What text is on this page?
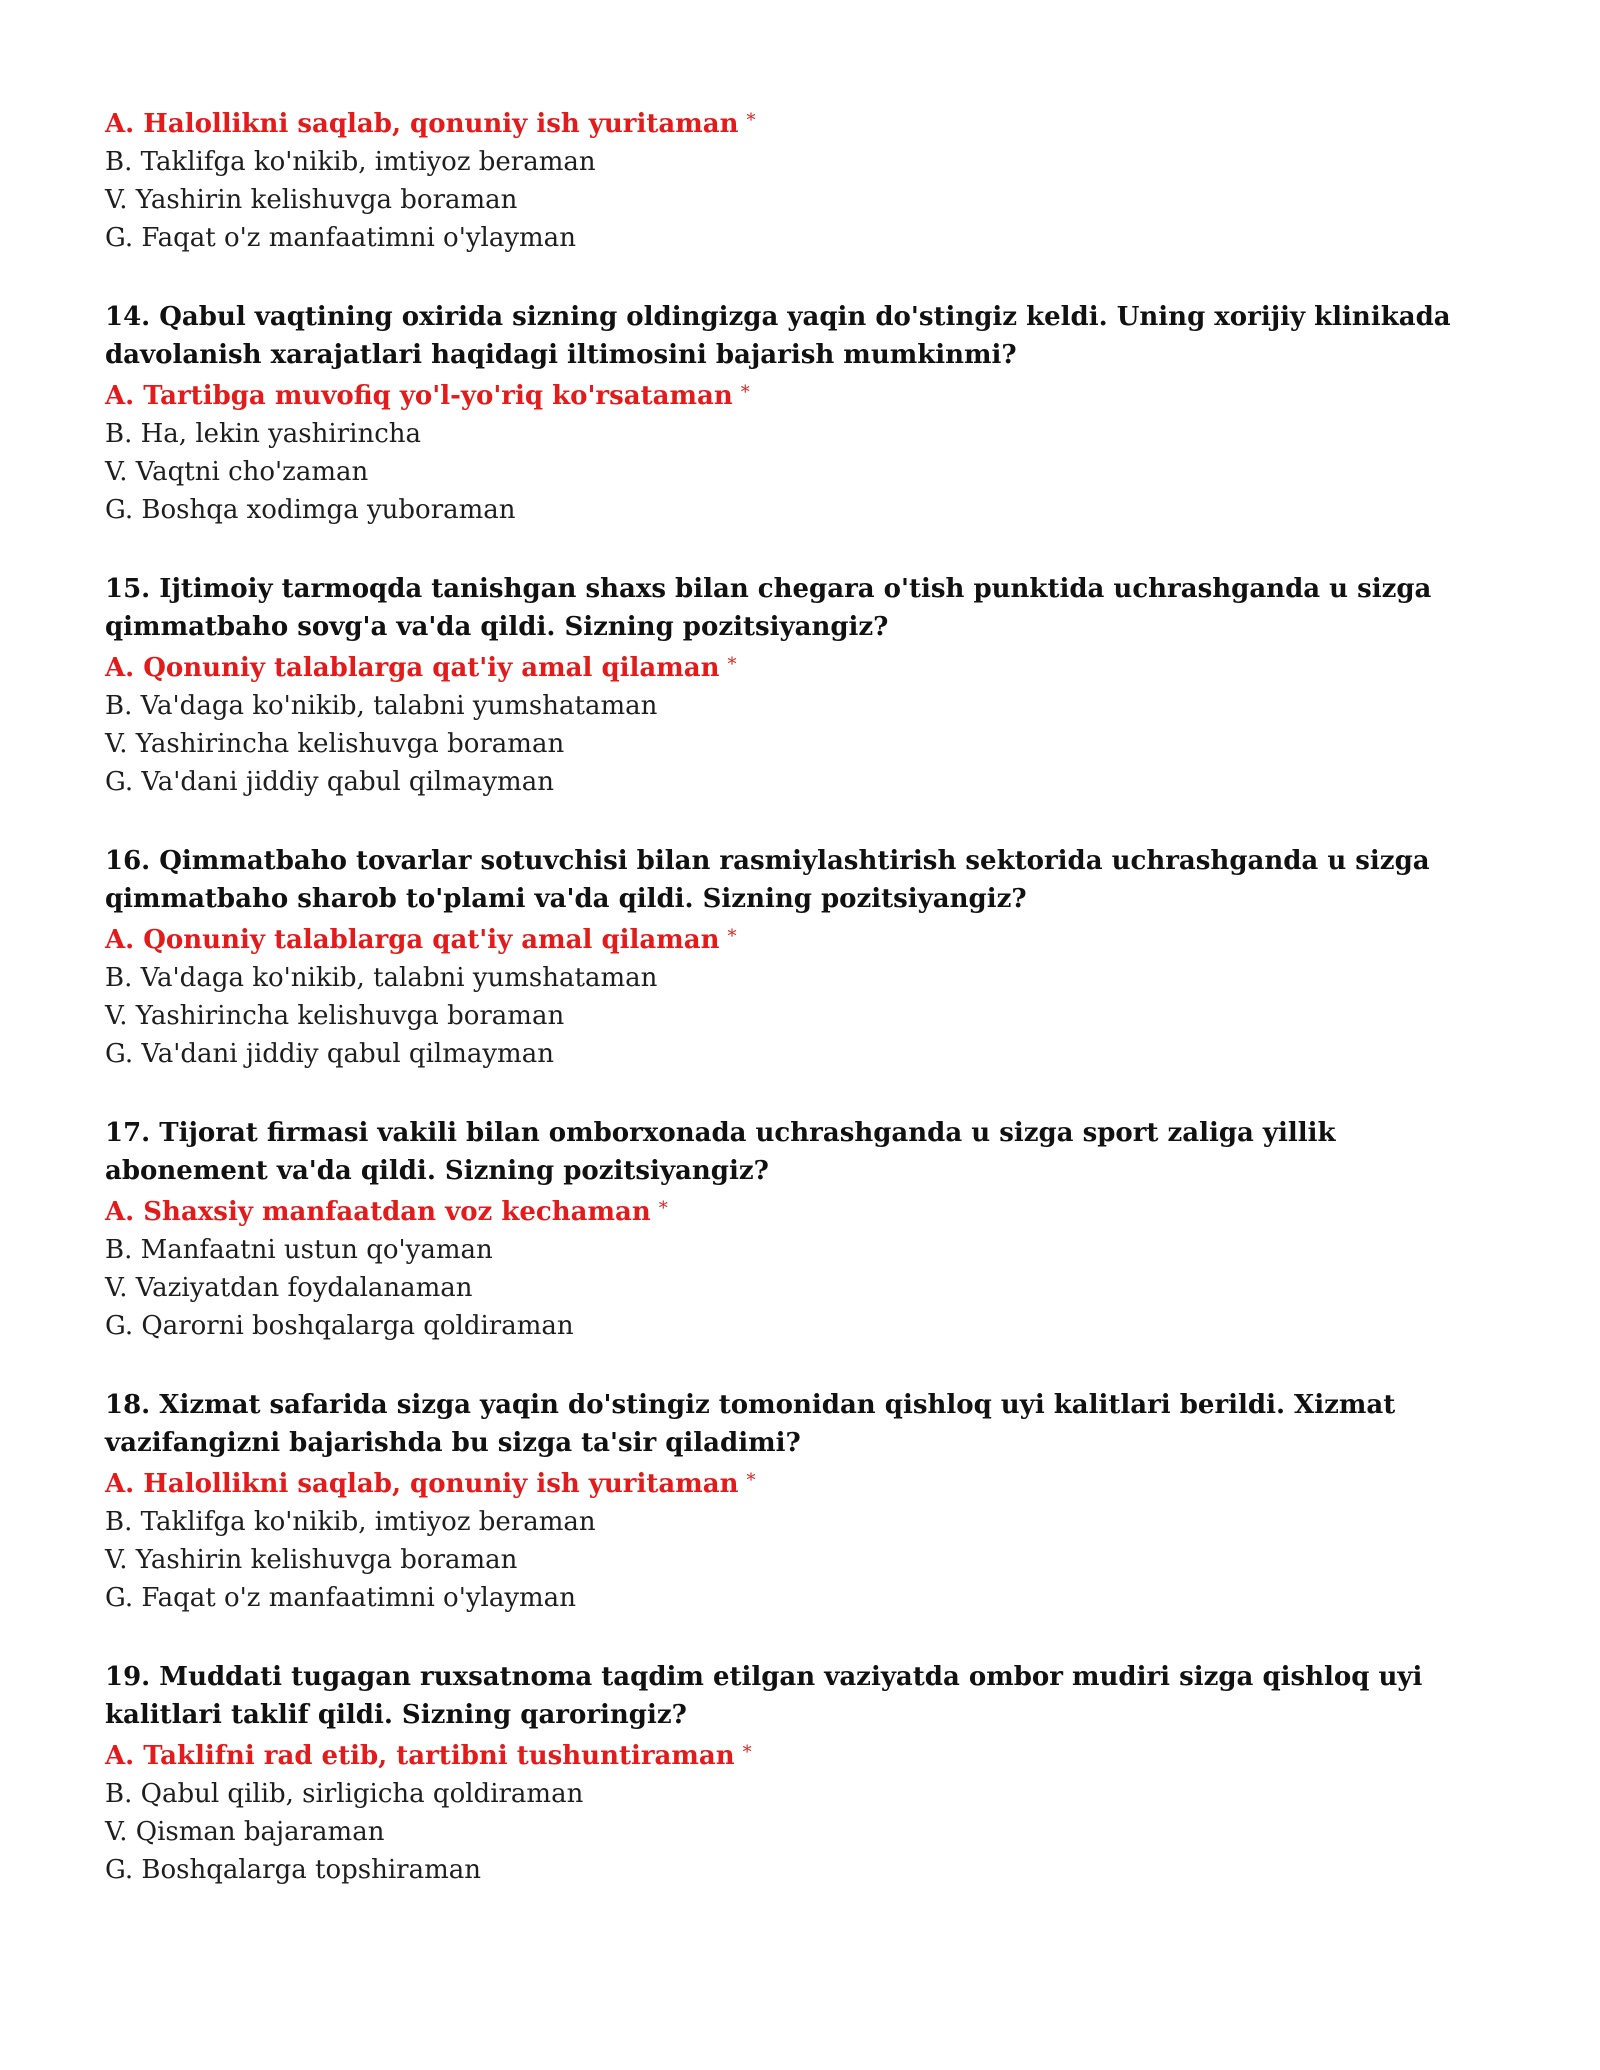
A. Halollikni saqlab, qonuniy ish yuritaman *
B. Taklifga ko'nikib, imtiyoz beraman
V. Yashirin kelishuvga boraman
G. Faqat o'z manfaatimni o'ylayman
14. Qabul vaqtining oxirida sizning oldingizga yaqin do'stingiz keldi. Uning xorijiy klinikada davolanish xarajatlari haqidagi iltimosini bajarish mumkinmi?
A. Tartibga muvofiq yo'l-yo'riq ko'rsataman *
B. Ha, lekin yashirincha
V. Vaqtni cho'zaman
G. Boshqa xodimga yuboraman
15. Ijtimoiy tarmoqda tanishgan shaxs bilan chegara o'tish punktida uchrashganda u sizga qimmatbaho sovg'a va'da qildi. Sizning pozitsiyangiz?
A. Qonuniy talablarga qat'iy amal qilaman *
B. Va'daga ko'nikib, talabni yumshataman
V. Yashirincha kelishuvga boraman
G. Va'dani jiddiy qabul qilmayman
16. Qimmatbaho tovarlar sotuvchisi bilan rasmiylashtirish sektorida uchrashganda u sizga qimmatbaho sharob to'plami va'da qildi. Sizning pozitsiyangiz?
A. Qonuniy talablarga qat'iy amal qilaman *
B. Va'daga ko'nikib, talabni yumshataman
V. Yashirincha kelishuvga boraman
G. Va'dani jiddiy qabul qilmayman
17. Tijorat firmasi vakili bilan omborxonada uchrashganda u sizga sport zaliga yillik abonement va'da qildi. Sizning pozitsiyangiz?
A. Shaxsiy manfaatdan voz kechaman *
B. Manfaatni ustun qo'yaman
V. Vaziyatdan foydalanaman
G. Qarorni boshqalarga qoldiraman
18. Xizmat safarida sizga yaqin do'stingiz tomonidan qishloq uyi kalitlari berildi. Xizmat vazifangizni bajarishda bu sizga ta'sir qiladimi?
A. Halollikni saqlab, qonuniy ish yuritaman *
B. Taklifga ko'nikib, imtiyoz beraman
V. Yashirin kelishuvga boraman
G. Faqat o'z manfaatimni o'ylayman
19. Muddati tugagan ruxsatnoma taqdim etilgan vaziyatda ombor mudiri sizga qishloq uyi kalitlari taklif qildi. Sizning qaroringiz?
A. Taklifni rad etib, tartibni tushuntiraman *
B. Qabul qilib, sirligicha qoldiraman
V. Qisman bajaraman
G. Boshqalarga topshiraman
